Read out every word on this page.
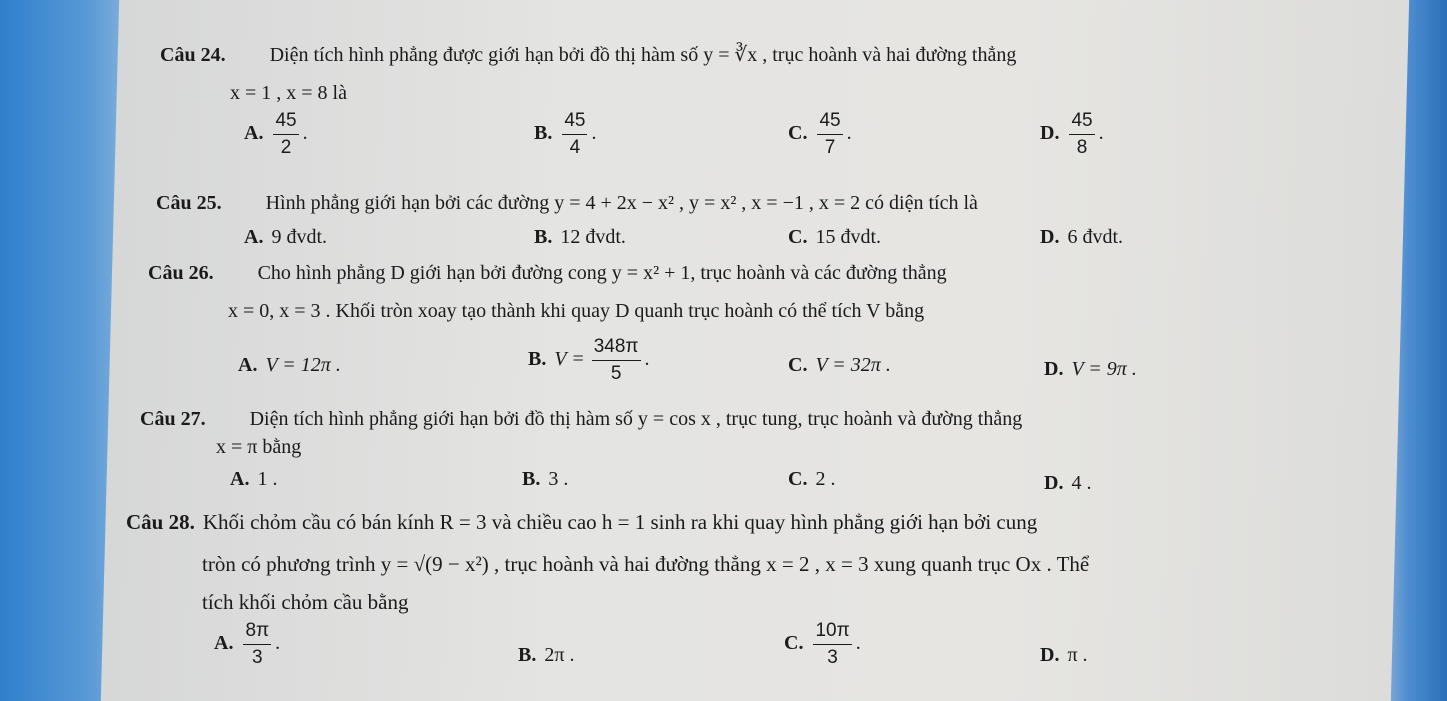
Câu 24. Diện tích hình phẳng được giới hạn bởi đồ thị hàm số y = ∛x , trục hoành và hai đường thẳng
x = 1 , x = 8 là
A. $\frac{45}{2}$ .	B. $\frac{45}{4}$ .	C. $\frac{45}{7}$ .	D. $\frac{45}{8}$ .
Câu 25. Hình phẳng giới hạn bởi các đường y = 4 + 2x − x² , y = x² , x = −1 , x = 2 có diện tích là
A. 9 đvdt.	B. 12 đvdt.	C. 15 đvdt.	D. 6 đvdt.
Câu 26. Cho hình phẳng D giới hạn bởi đường cong y = x² + 1, trục hoành và các đường thẳng
x = 0, x = 3 . Khối tròn xoay tạo thành khi quay D quanh trục hoành có thể tích V bằng
A. V = 12π .	B. $V = \frac{348\pi}{5}$ .	C. V = 32π .	D. V = 9π .
Câu 27. Diện tích hình phẳng giới hạn bởi đồ thị hàm số y = cos x , trục tung, trục hoành và đường thẳng
x = π bằng
A. 1 .	B. 3 .	C. 2 .	D. 4 .
Câu 28. Khối chỏm cầu có bán kính R = 3 và chiều cao h = 1 sinh ra khi quay hình phẳng giới hạn bởi cung
tròn có phương trình y = √(9 − x²) , trục hoành và hai đường thẳng x = 2 , x = 3 xung quanh trục Ox . Thể
tích khối chỏm cầu bằng
A. $\frac{8\pi}{3}$ .
B. 2π .
C. $\frac{10\pi}{3}$ .
D. π .
